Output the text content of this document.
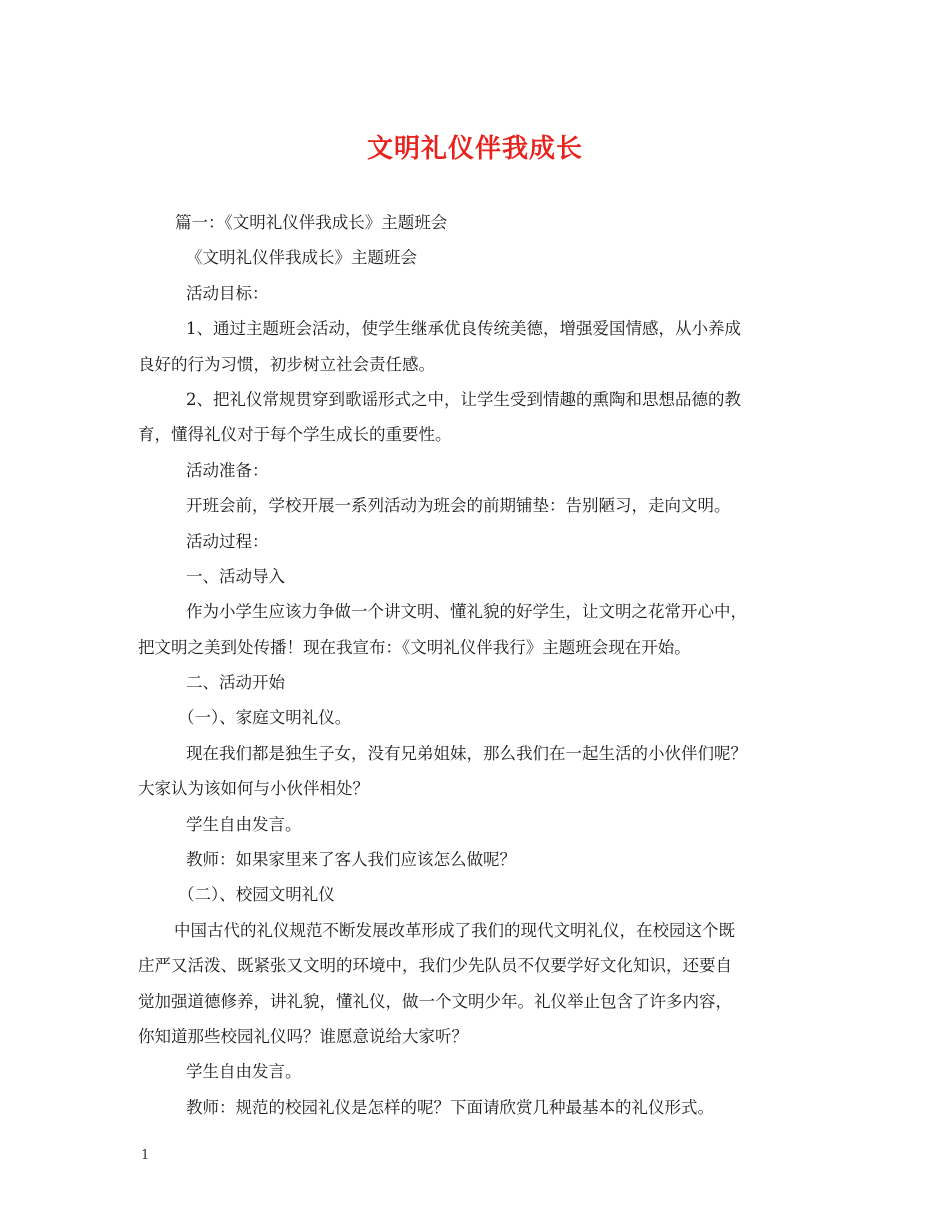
文明礼仪伴我成长
篇一：《文明礼仪伴我成长》主题班会
《文明礼仪伴我成长》主题班会
活动目标：
1、通过主题班会活动，使学生继承优良传统美德，增强爱国情感，从小养成
良好的行为习惯，初步树立社会责任感。
2、把礼仪常规贯穿到歌谣形式之中，让学生受到情趣的熏陶和思想品德的教
育，懂得礼仪对于每个学生成长的重要性。
活动准备：
开班会前，学校开展一系列活动为班会的前期铺垫：告别陋习，走向文明。
活动过程：
一、活动导入
作为小学生应该力争做一个讲文明、懂礼貌的好学生，让文明之花常开心中，
把文明之美到处传播！现在我宣布：《文明礼仪伴我行》主题班会现在开始。
二、活动开始
（一）、家庭文明礼仪。
现在我们都是独生子女，没有兄弟姐妹，那么我们在一起生活的小伙伴们呢？
大家认为该如何与小伙伴相处？
学生自由发言。
教师：如果家里来了客人我们应该怎么做呢？
（二）、校园文明礼仪
中国古代的礼仪规范不断发展改革形成了我们的现代文明礼仪，在校园这个既
庄严又活泼、既紧张又文明的环境中，我们少先队员不仅要学好文化知识，还要自
觉加强道德修养，讲礼貌，懂礼仪，做一个文明少年。礼仪举止包含了许多内容，
你知道那些校园礼仪吗？谁愿意说给大家听？
学生自由发言。
教师：规范的校园礼仪是怎样的呢？下面请欣赏几种最基本的礼仪形式。
1
